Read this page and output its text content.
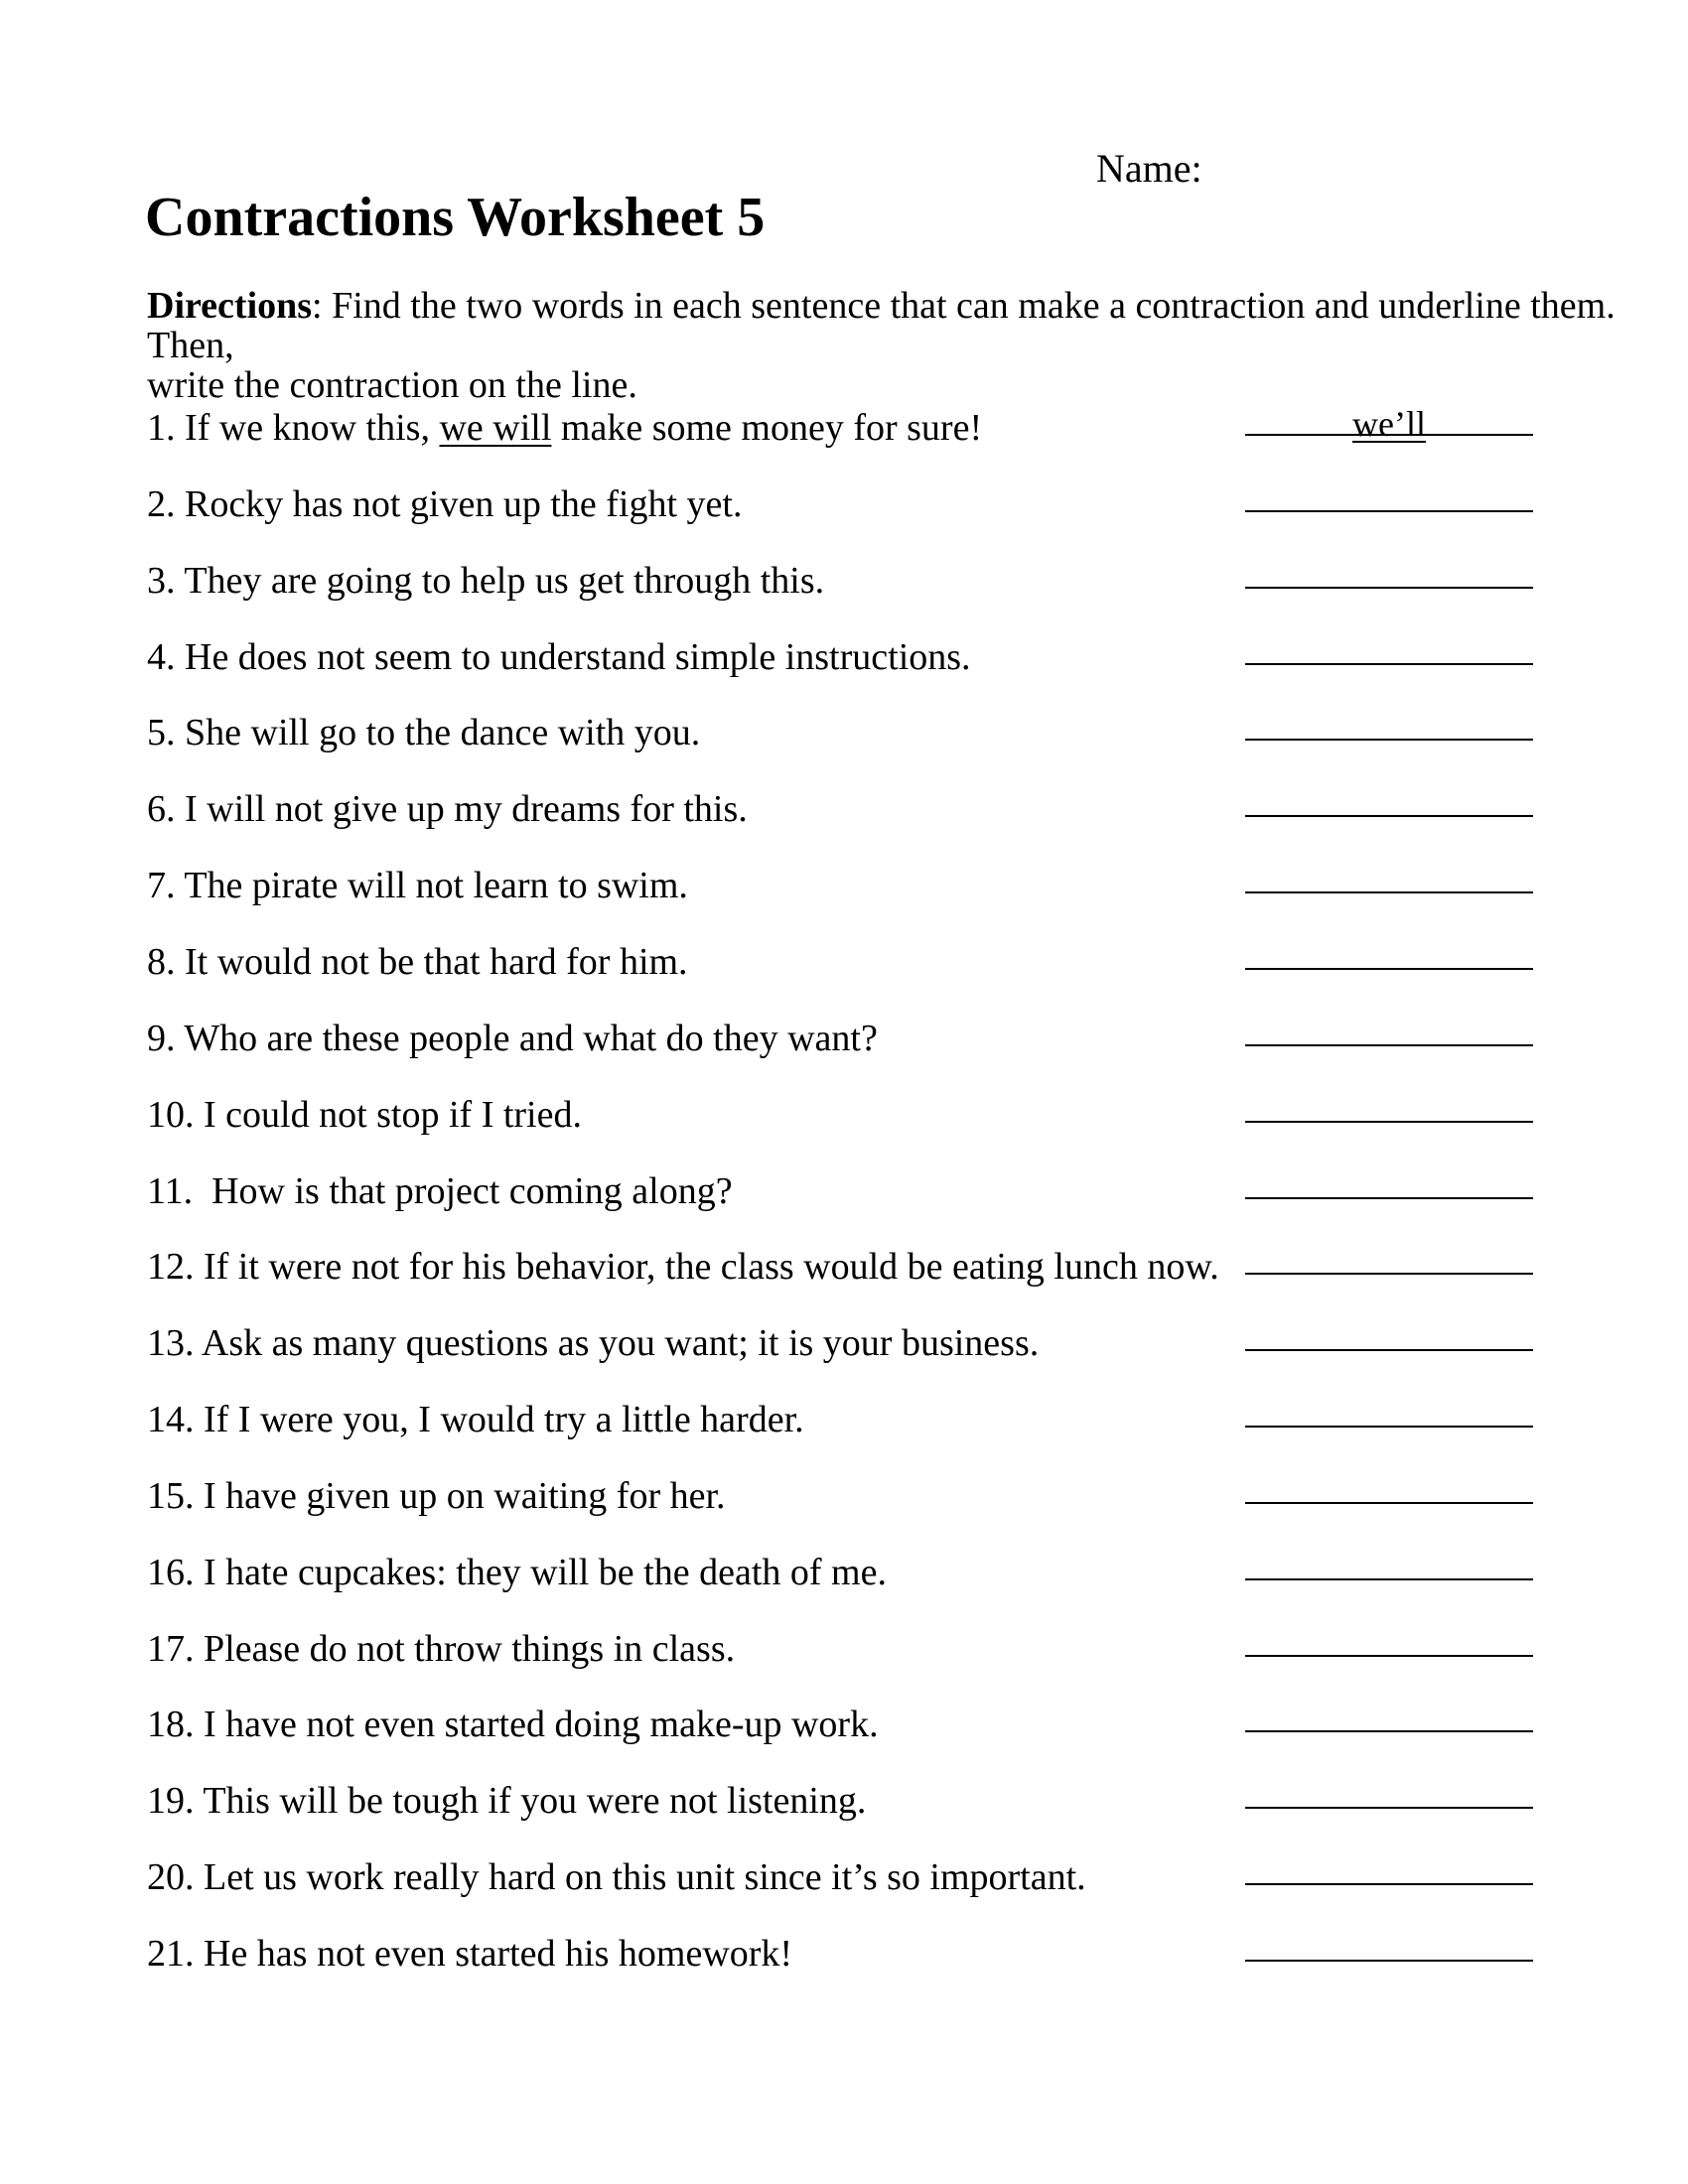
Name:
Contractions Worksheet 5
Directions: Find the two words in each sentence that can make a contraction and underline them.  Then,
write the contraction on the line.
1. If we know this, we will make some money for sure!	we’ll
2. Rocky has not given up the fight yet.
3. They are going to help us get through this.
4. He does not seem to understand simple instructions.
5. She will go to the dance with you.
6. I will not give up my dreams for this.
7. The pirate will not learn to swim.
8. It would not be that hard for him.
9. Who are these people and what do they want?
10. I could not stop if I tried.
11.  How is that project coming along?
12. If it were not for his behavior, the class would be eating lunch now.
13. Ask as many questions as you want; it is your business.
14. If I were you, I would try a little harder.
15. I have given up on waiting for her.
16. I hate cupcakes: they will be the death of me.
17. Please do not throw things in class.
18. I have not even started doing make-up work.
19. This will be tough if you were not listening.
20. Let us work really hard on this unit since it’s so important.
21. He has not even started his homework!
